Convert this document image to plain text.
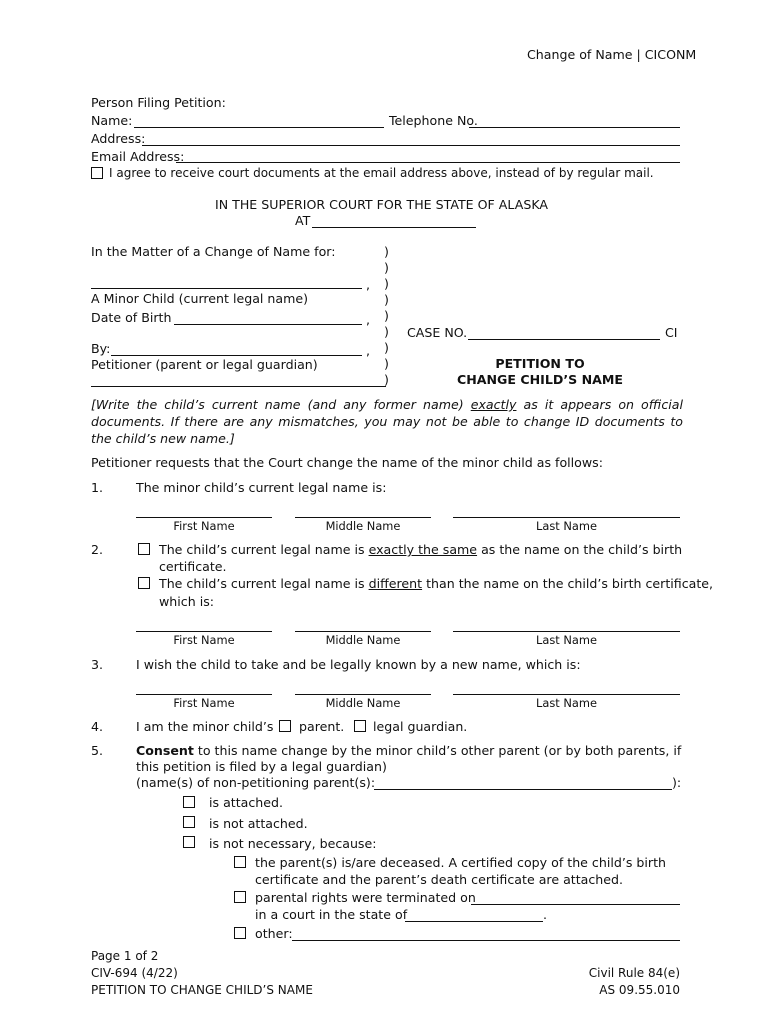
Change of Name | CICONM
Person Filing Petition:
Name:	Telephone No.
Address:
Email Address:
I agree to receive court documents at the email address above, instead of by regular mail.
IN THE SUPERIOR COURT FOR THE STATE OF ALASKA
AT
In the Matter of a Change of Name for:
,
A Minor Child (current legal name)
Date of Birth	,
By:	,
Petitioner (parent or legal guardian)
)
)
)
)
)
)
)
)
)
CASE NO.	CI
PETITION TO
CHANGE CHILD’S NAME
[Write the child’s current name (and any former name) exactly as it appears on official documents. If there are any mismatches, you may not be able to change ID documents to the child’s new name.]
Petitioner requests that the Court change the name of the minor child as follows:
1.	The minor child’s current legal name is:
First Name	Middle Name	Last Name
2.	The child’s current legal name is exactly the same as the name on the child’s birth
certificate.
The child’s current legal name is different than the name on the child’s birth certificate,
which is:
First Name	Middle Name	Last Name
3.	I wish the child to take and be legally known by a new name, which is:
First Name	Middle Name	Last Name
4.	I am the minor child’s parent. legal guardian.
5.	Consent to this name change by the minor child’s other parent (or by both parents, if
this petition is filed by a legal guardian)
(name(s) of non-petitioning parent(s):	):
is attached.
is not attached.
is not necessary, because:
the parent(s) is/are deceased. A certified copy of the child’s birth
certificate and the parent’s death certificate are attached.
parental rights were terminated on
in a court in the state of	.
other:
Page 1 of 2
CIV-694 (4/22)
PETITION TO CHANGE CHILD’S NAME
Civil Rule 84(e)
AS 09.55.010
